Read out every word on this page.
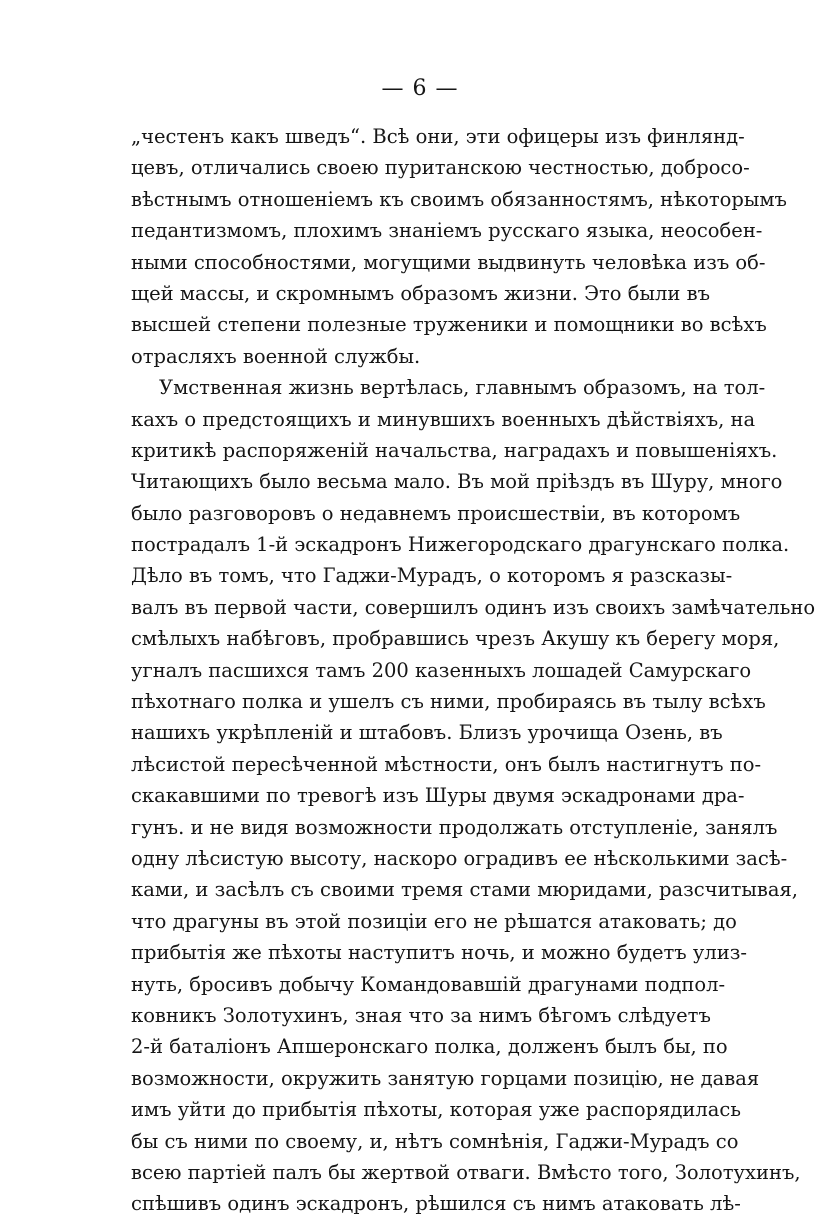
— 6 —
„честенъ какъ шведъ“. Всѣ они, эти офицеры изъ финлянд-
цевъ, отличались своею пуританскою честностью, добросо-
вѣстнымъ отношеніемъ къ своимъ обязанностямъ, нѣкоторымъ
педантизмомъ, плохимъ знаніемъ русскаго языка, неособен-
ными способностями, могущими выдвинуть человѣка изъ об-
щей массы, и скромнымъ образомъ жизни. Это были въ
высшей степени полезные труженики и помощники во всѣхъ
отрасляхъ военной службы.
Умственная жизнь вертѣлась, главнымъ образомъ, на тол-
кахъ о предстоящихъ и минувшихъ военныхъ дѣйствіяхъ, на
критикѣ распоряженій начальства, наградахъ и повышеніяхъ.
Читающихъ было весьма мало. Въ мой пріѣздъ въ Шуру, много
было разговоровъ о недавнемъ происшествіи, въ которомъ
пострадалъ 1-й эскадронъ Нижегородскаго драгунскаго полка.
Дѣло въ томъ, что Гаджи-Мурадъ, о которомъ я разсказы-
валъ въ первой части, совершилъ одинъ изъ своихъ замѣчательно
смѣлыхъ набѣговъ, пробравшись чрезъ Акушу къ берегу моря,
угналъ пасшихся тамъ 200 казенныхъ лошадей Самурскаго
пѣхотнаго полка и ушелъ съ ними, пробираясь въ тылу всѣхъ
нашихъ укрѣпленій и штабовъ. Близъ урочища Озень, въ
лѣсистой пересѣченной мѣстности, онъ былъ настигнутъ по-
скакавшими по тревогѣ изъ Шуры двумя эскадронами дра-
гунъ. и не видя возможности продолжать отступленіе, занялъ
одну лѣсистую высоту, наскоро оградивъ ее нѣсколькими засѣ-
ками, и засѣлъ съ своими тремя стами мюридами, разсчитывая,
что драгуны въ этой позиціи его не рѣшатся атаковать; до
прибытія же пѣхоты наступитъ ночь, и можно будетъ улиз-
нуть, бросивъ добычу Командовавшій драгунами подпол-
ковникъ Золотухинъ, зная что за нимъ бѣгомъ слѣдуетъ
2-й баталіонъ Апшеронскаго полка, долженъ былъ бы, по
возможности, окружить занятую горцами позицію, не давая
имъ уйти до прибытія пѣхоты, которая уже распорядилась
бы съ ними по своему, и, нѣтъ сомнѣнія, Гаджи-Мурадъ со
всею партіей палъ бы жертвой отваги. Вмѣсто того, Золотухинъ,
спѣшивъ одинъ эскадронъ, рѣшился съ нимъ атаковать лѣ-
